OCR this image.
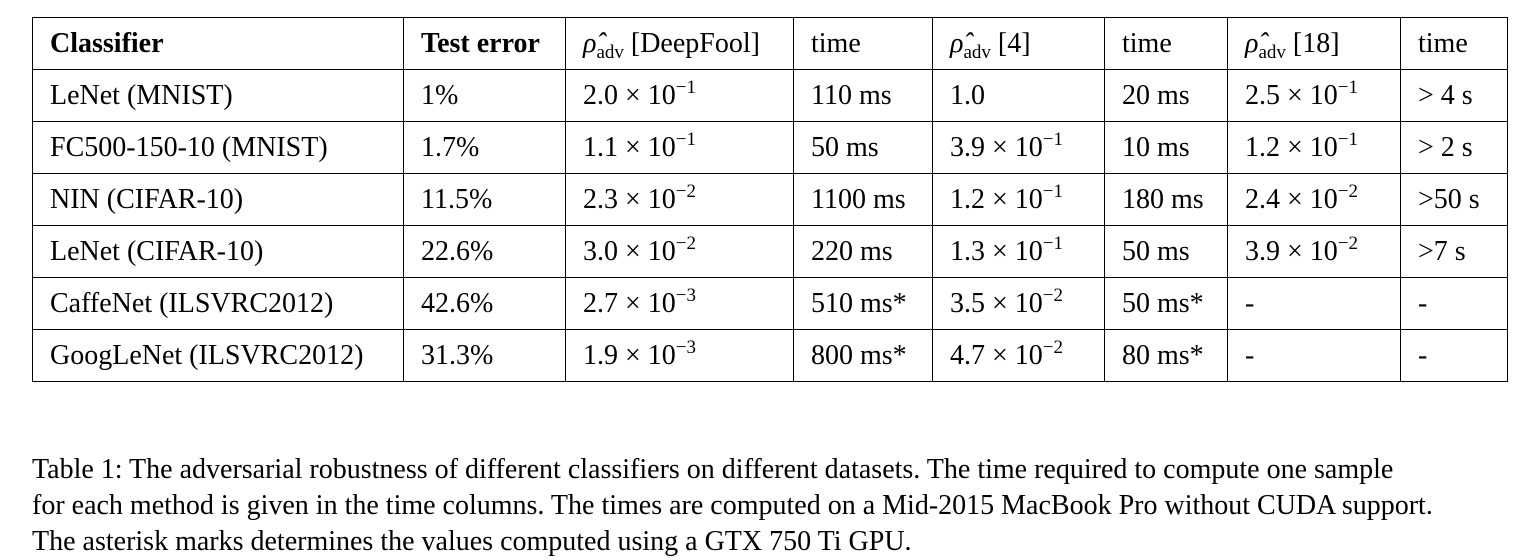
Classifier	Test error	$\rhô_{adv}$ [DeepFool]	time	$\rhô_{adv}$ [4]	time	$\rhô_{adv}$ [18]	time
LeNet (MNIST)	1%	$2.0 \times 10^{-1}$	110 ms	1.0	20 ms	$2.5 \times 10^{-1}$	> 4 s
FC500-150-10 (MNIST)	1.7%	$1.1 \times 10^{-1}$	50 ms	$3.9 \times 10^{-1}$	10 ms	$1.2 \times 10^{-1}$	> 2 s
NIN (CIFAR-10)	11.5%	$2.3 \times 10^{-2}$	1100 ms	$1.2 \times 10^{-1}$	180 ms	$2.4 \times 10^{-2}$	>50 s
LeNet (CIFAR-10)	22.6%	$3.0 \times 10^{-2}$	220 ms	$1.3 \times 10^{-1}$	50 ms	$3.9 \times 10^{-2}$	>7 s
CaffeNet (ILSVRC2012)	42.6%	$2.7 \times 10^{-3}$	510 ms*	$3.5 \times 10^{-2}$	50 ms*	-	-
GoogLeNet (ILSVRC2012)	31.3%	$1.9 \times 10^{-3}$	800 ms*	$4.7 \times 10^{-2}$	80 ms*	-	-
Table 1: The adversarial robustness of different classifiers on different datasets. The time required to compute one sample
for each method is given in the time columns. The times are computed on a Mid-2015 MacBook Pro without CUDA support.
The asterisk marks determines the values computed using a GTX 750 Ti GPU.
